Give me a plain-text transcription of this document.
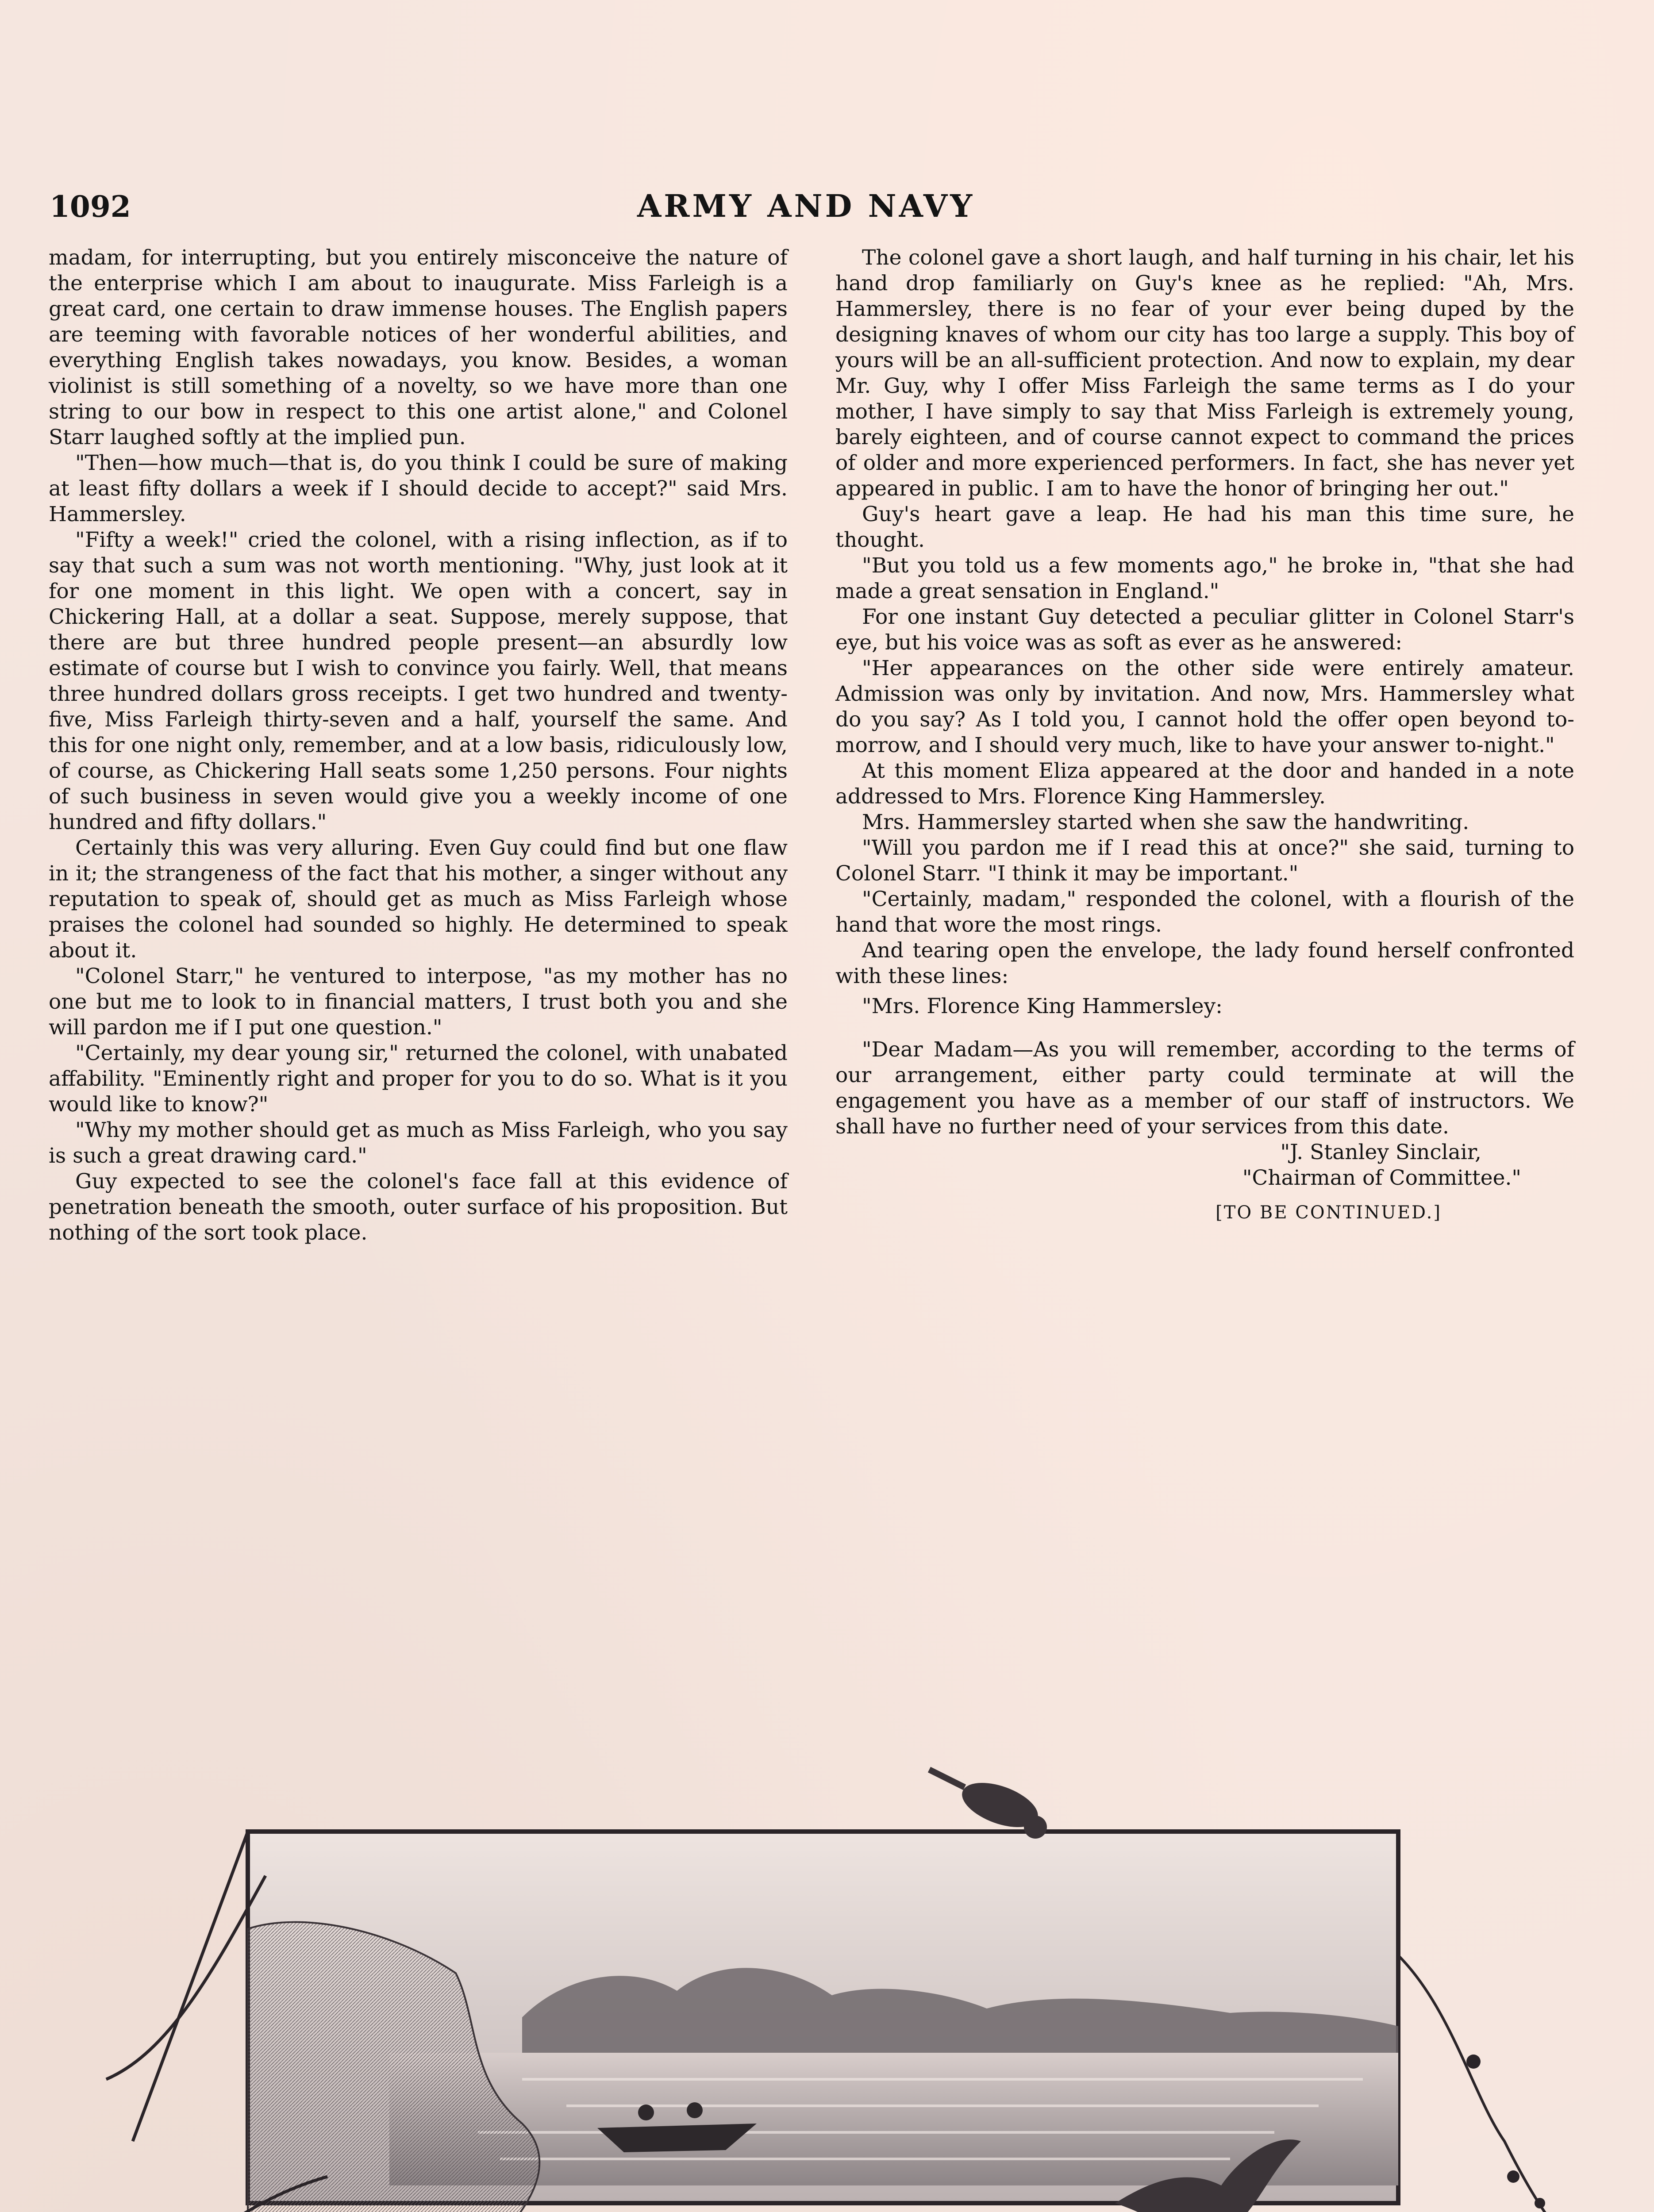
1092	ARMY AND NAVY

madam, for interrupting, but you entirely misconceive the nature of the enterprise which I am about to inaugurate. Miss Farleigh is a great card, one certain to draw immense houses. The English papers are teeming with favorable notices of her wonderful abilities, and everything English takes nowadays, you know. Besides, a woman violinist is still something of a novelty, so we have more than one string to our bow in respect to this one artist alone," and Colonel Starr laughed softly at the implied pun.

"Then—how much—that is, do you think I could be sure of making at least fifty dollars a week if I should decide to accept?" said Mrs. Hammersley.

"Fifty a week!" cried the colonel, with a rising inflection, as if to say that such a sum was not worth mentioning. "Why, just look at it for one moment in this light. We open with a concert, say in Chickering Hall, at a dollar a seat. Suppose, merely suppose, that there are but three hundred people present—an absurdly low estimate of course but I wish to convince you fairly. Well, that means three hundred dollars gross receipts. I get two hundred and twenty-five, Miss Farleigh thirty-seven and a half, yourself the same. And this for one night only, remember, and at a low basis, ridiculously low, of course, as Chickering Hall seats some 1,250 persons. Four nights of such business in seven would give you a weekly income of one hundred and fifty dollars."

Certainly this was very alluring. Even Guy could find but one flaw in it; the strangeness of the fact that his mother, a singer without any reputation to speak of, should get as much as Miss Farleigh whose praises the colonel had sounded so highly. He determined to speak about it.

"Colonel Starr," he ventured to interpose, "as my mother has no one but me to look to in financial matters, I trust both you and she will pardon me if I put one question."

"Certainly, my dear young sir," returned the colonel, with unabated affability. "Eminently right and proper for you to do so. What is it you would like to know?"

"Why my mother should get as much as Miss Farleigh, who you say is such a great drawing card."

Guy expected to see the colonel's face fall at this evidence of penetration beneath the smooth, outer surface of his proposition. But nothing of the sort took place.

The colonel gave a short laugh, and half turning in his chair, let his hand drop familiarly on Guy's knee as he replied: "Ah, Mrs. Hammersley, there is no fear of your ever being duped by the designing knaves of whom our city has too large a supply. This boy of yours will be an all-sufficient protection. And now to explain, my dear Mr. Guy, why I offer Miss Farleigh the same terms as I do your mother, I have simply to say that Miss Farleigh is extremely young, barely eighteen, and of course cannot expect to command the prices of older and more experienced performers. In fact, she has never yet appeared in public. I am to have the honor of bringing her out."

Guy's heart gave a leap. He had his man this time sure, he thought.

"But you told us a few moments ago," he broke in, "that she had made a great sensation in England."

For one instant Guy detected a peculiar glitter in Colonel Starr's eye, but his voice was as soft as ever as he answered:

"Her appearances on the other side were entirely amateur. Admission was only by invitation. And now, Mrs. Hammersley what do you say? As I told you, I cannot hold the offer open beyond to-morrow, and I should very much, like to have your answer to-night."

At this moment Eliza appeared at the door and handed in a note addressed to Mrs. Florence King Hammersley.

Mrs. Hammersley started when she saw the handwriting.

"Will you pardon me if I read this at once?" she said, turning to Colonel Starr. "I think it may be important."

"Certainly, madam," responded the colonel, with a flourish of the hand that wore the most rings.

And tearing open the envelope, the lady found herself confronted with these lines:

"Mrs. Florence King Hammersley:

"Dear Madam—As you will remember, according to the terms of our arrangement, either party could terminate at will the engagement you have as a member of our staff of instructors. We shall have no further need of your services from this date.

"J. Stanley Sinclair,
"Chairman of Committee."
[TO BE CONTINUED.]
